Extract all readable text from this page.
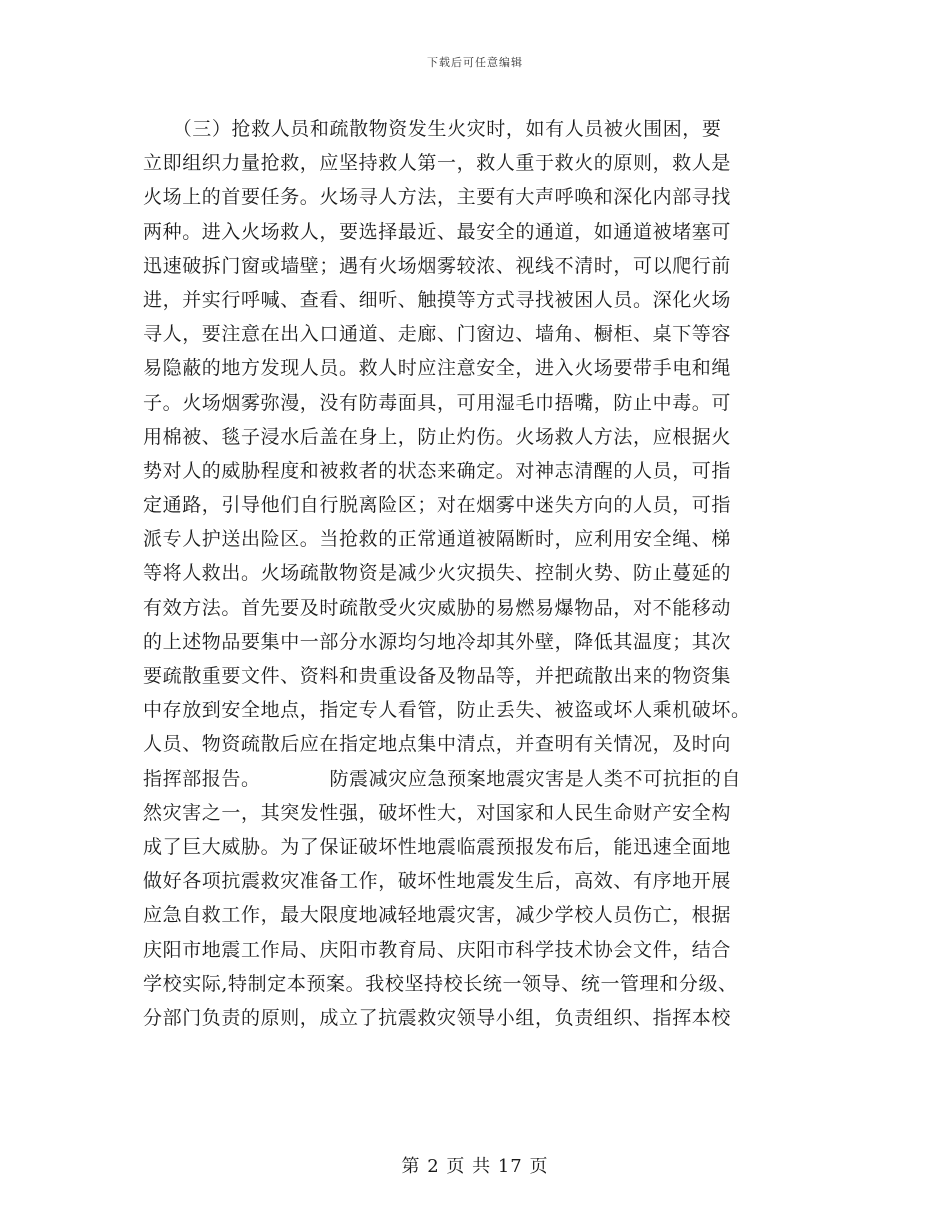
下载后可任意编辑
　　（三）抢救人员和疏散物资发生火灾时，如有人员被火围困，要
立即组织力量抢救，应坚持救人第一，救人重于救火的原则，救人是
火场上的首要任务。火场寻人方法，主要有大声呼唤和深化内部寻找
两种。进入火场救人，要选择最近、最安全的通道，如通道被堵塞可
迅速破拆门窗或墙壁；遇有火场烟雾较浓、视线不清时，可以爬行前
进，并实行呼喊、查看、细听、触摸等方式寻找被困人员。深化火场
寻人，要注意在出入口通道、走廊、门窗边、墙角、橱柜、桌下等容
易隐蔽的地方发现人员。救人时应注意安全，进入火场要带手电和绳
子。火场烟雾弥漫，没有防毒面具，可用湿毛巾捂嘴，防止中毒。可
用棉被、毯子浸水后盖在身上，防止灼伤。火场救人方法，应根据火
势对人的威胁程度和被救者的状态来确定。对神志清醒的人员，可指
定通路，引导他们自行脱离险区；对在烟雾中迷失方向的人员，可指
派专人护送出险区。当抢救的正常通道被隔断时，应利用安全绳、梯
等将人救出。火场疏散物资是减少火灾损失、控制火势、防止蔓延的
有效方法。首先要及时疏散受火灾威胁的易燃易爆物品，对不能移动
的上述物品要集中一部分水源均匀地冷却其外壁，降低其温度；其次
要疏散重要文件、资料和贵重设备及物品等，并把疏散出来的物资集
中存放到安全地点，指定专人看管，防止丢失、被盗或坏人乘机破坏。
人员、物资疏散后应在指定地点集中清点，并查明有关情况，及时向
指挥部报告。　　　　防震减灾应急预案地震灾害是人类不可抗拒的自
然灾害之一，其突发性强，破坏性大，对国家和人民生命财产安全构
成了巨大威胁。为了保证破坏性地震临震预报发布后，能迅速全面地
做好各项抗震救灾准备工作，破坏性地震发生后，高效、有序地开展
应急自救工作，最大限度地减轻地震灾害，减少学校人员伤亡，根据
庆阳市地震工作局、庆阳市教育局、庆阳市科学技术协会文件，结合
学校实际,特制定本预案。我校坚持校长统一领导、统一管理和分级、
分部门负责的原则，成立了抗震救灾领导小组，负责组织、指挥本校
第 2 页 共 17 页
